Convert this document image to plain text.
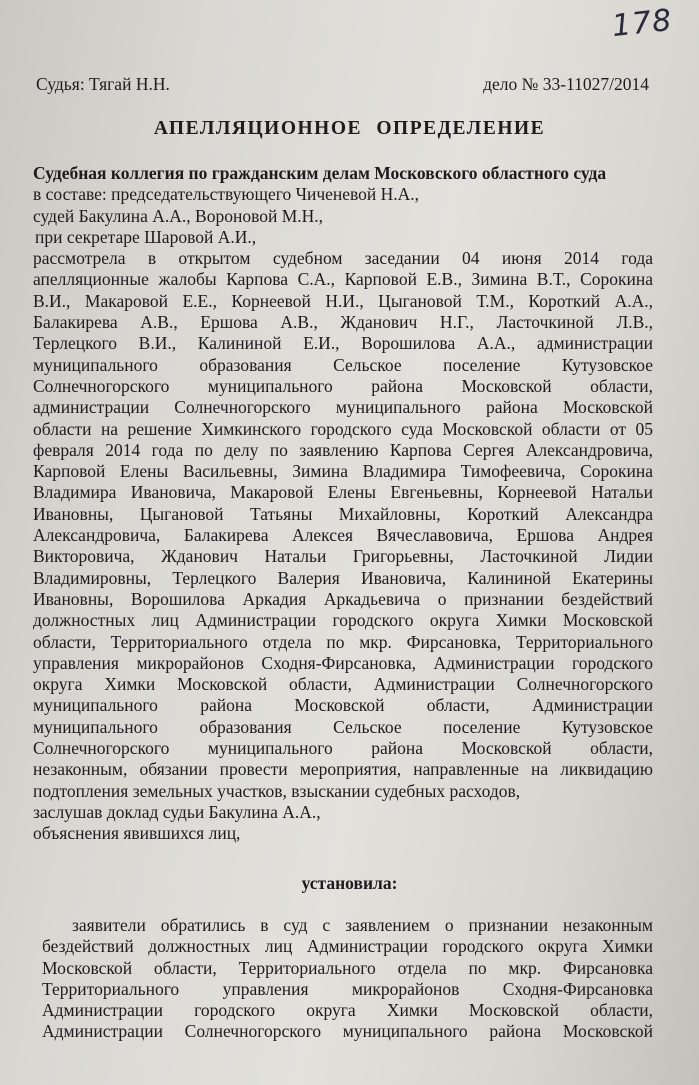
178
Судья: Тягай Н.Н.	дело № 33-11027/2014
АПЕЛЛЯЦИОННОЕ ОПРЕДЕЛЕНИЕ
Судебная коллегия по гражданским делам Московского областного суда
в составе: председательствующего Чиченевой Н.А.,
судей Бакулина А.А., Вороновой М.Н.,
при секретаре Шаровой А.И.,
рассмотрела в открытом судебном заседании 04 июня 2014 года
апелляционные жалобы Карпова С.А., Карповой Е.В., Зимина В.Т., Сорокина
В.И., Макаровой Е.Е., Корнеевой Н.И., Цыгановой Т.М., Короткий А.А.,
Балакирева А.В., Ершова А.В., Жданович Н.Г., Ласточкиной Л.В.,
Терлецкого В.И., Калининой Е.И., Ворошилова А.А., администрации
муниципального образования Сельское поселение Кутузовское
Солнечногорского муниципального района Московской области,
администрации Солнечногорского муниципального района Московской
области на решение Химкинского городского суда Московской области от 05
февраля 2014 года по делу по заявлению Карпова Сергея Александровича,
Карповой Елены Васильевны, Зимина Владимира Тимофеевича, Сорокина
Владимира Ивановича, Макаровой Елены Евгеньевны, Корнеевой Натальи
Ивановны, Цыгановой Татьяны Михайловны, Короткий Александра
Александровича, Балакирева Алексея Вячеславовича, Ершова Андрея
Викторовича, Жданович Натальи Григорьевны, Ласточкиной Лидии
Владимировны, Терлецкого Валерия Ивановича, Калининой Екатерины
Ивановны, Ворошилова Аркадия Аркадьевича о признании бездействий
должностных лиц Администрации городского округа Химки Московской
области, Территориального отдела по мкр. Фирсановка, Территориального
управления микрорайонов Сходня-Фирсановка, Администрации городского
округа Химки Московской области, Администрации Солнечногорского
муниципального района Московской области, Администрации
муниципального образования Сельское поселение Кутузовское
Солнечногорского муниципального района Московской области,
незаконным, обязании провести мероприятия, направленные на ликвидацию
подтопления земельных участков, взыскании судебных расходов,
заслушав доклад судьи Бакулина А.А.,
объяснения явившихся лиц,
установила:
заявители обратились в суд с заявлением о признании незаконным
бездействий должностных лиц Администрации городского округа Химки
Московской области, Территориального отдела по мкр. Фирсановка
Территориального управления микрорайонов Сходня-Фирсановка
Администрации городского округа Химки Московской области,
Администрации Солнечногорского муниципального района Московской
